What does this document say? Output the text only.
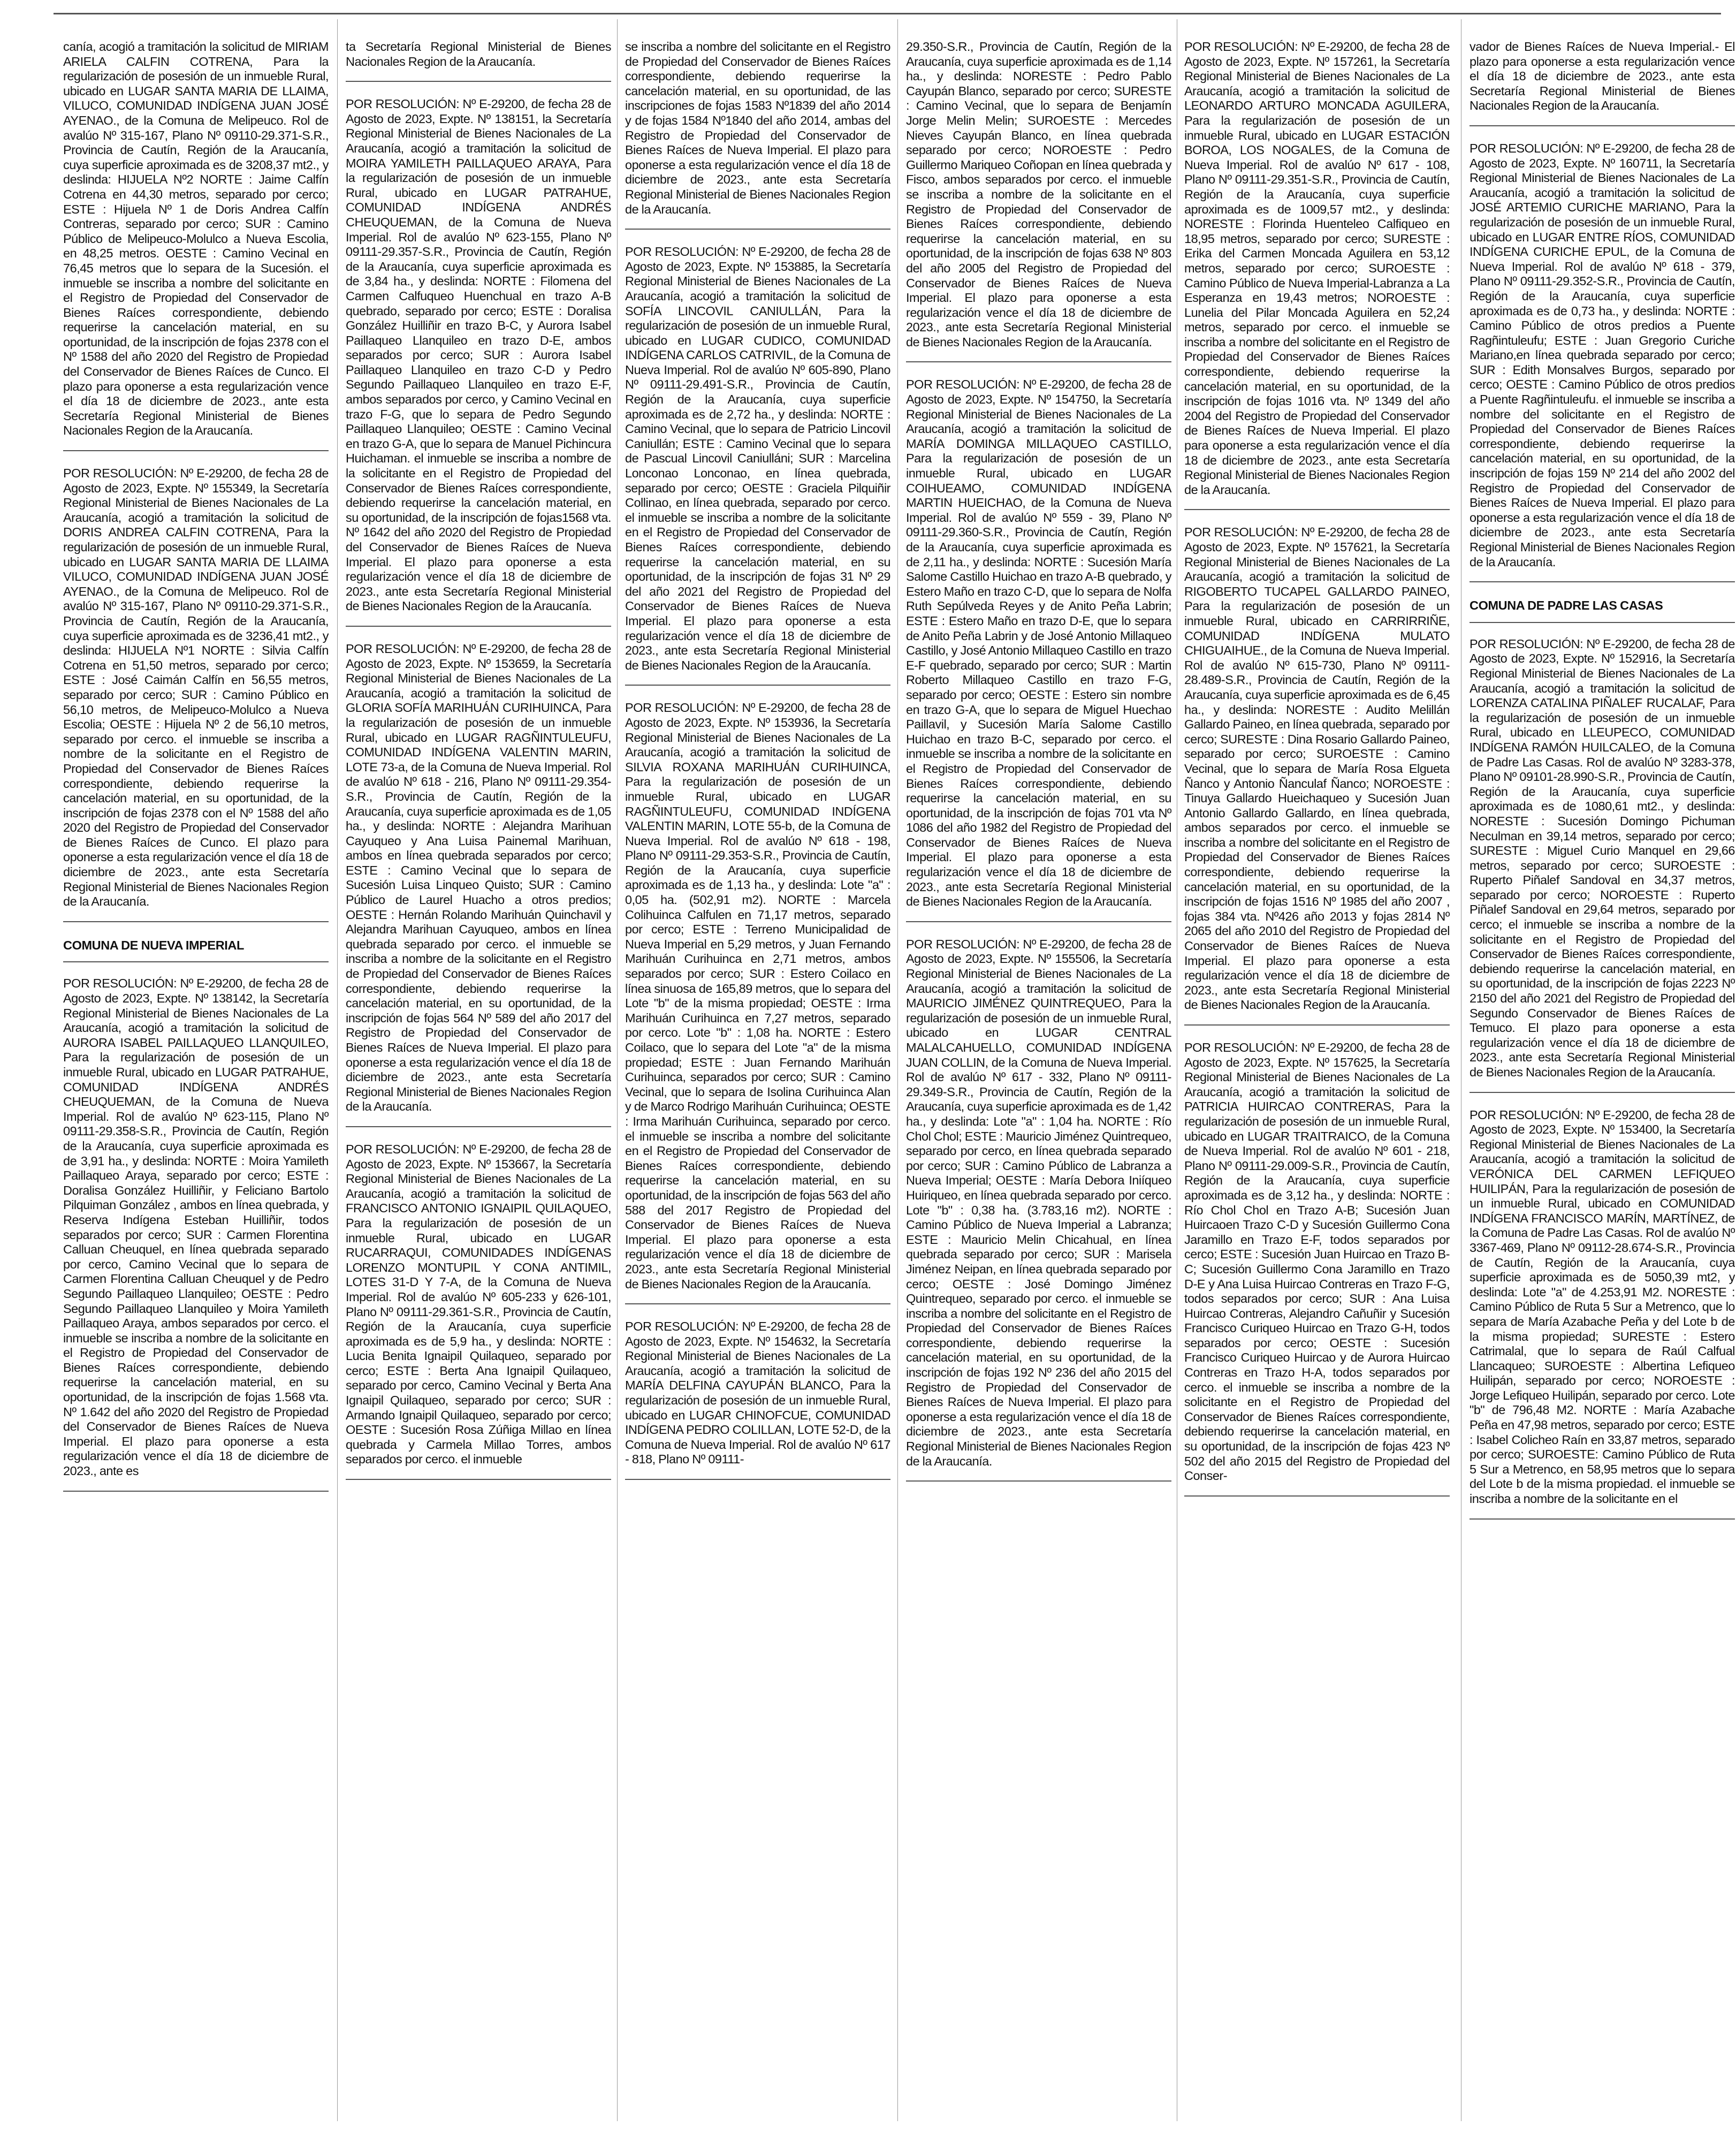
canía, acogió a tramitación la solicitud de MIRIAM ARIELA CALFIN COTRENA, Para la regularización de posesión de un inmueble Rural, ubicado en LUGAR SANTA MARIA DE LLAIMA, VILUCO, COMUNIDAD INDÍGENA JUAN JOSÉ AYENAO., de la Comuna de Melipeuco. Rol de avalúo Nº 315-167, Plano Nº 09110-29.371-S.R., Provincia de Cautín, Región de la Araucanía, cuya superficie aproximada es de 3208,37 mt2., y deslinda: HIJUELA Nº2 NORTE : Jaime Calfín Cotrena en 44,30 metros, separado por cerco; ESTE : Hijuela Nº 1 de Doris Andrea Calfín Contreras, separado por cerco; SUR : Camino Público de Melipeuco-Molulco a Nueva Escolia, en 48,25 metros. OESTE : Camino Vecinal en 76,45 metros que lo separa de la Sucesión. el inmueble se inscriba a nombre del solicitante en el Registro de Propiedad del Conservador de Bienes Raíces correspondiente, debiendo requerirse la cancelación material, en su oportunidad, de la inscripción de fojas 2378 con el Nº 1588 del año 2020 del Registro de Propiedad del Conservador de Bienes Raíces de Cunco. El plazo para oponerse a esta regularización vence el día 18 de diciembre de 2023., ante esta Secretaría Regional Ministerial de Bienes Nacionales Region de la Araucanía.
POR RESOLUCIÓN: Nº E-29200, de fecha 28 de Agosto de 2023, Expte. Nº 155349, la Secretaría Regional Ministerial de Bienes Nacionales de La Araucanía, acogió a tramitación la solicitud de DORIS ANDREA CALFIN COTRENA, Para la regularización de posesión de un inmueble Rural, ubicado en LUGAR SANTA MARIA DE LLAIMA VILUCO, COMUNIDAD INDÍGENA JUAN JOSÉ AYENAO., de la Comuna de Melipeuco. Rol de avalúo Nº 315-167, Plano Nº 09110-29.371-S.R., Provincia de Cautín, Región de la Araucanía, cuya superficie aproximada es de 3236,41 mt2., y deslinda: HIJUELA Nº1 NORTE : Silvia Calfín Cotrena en 51,50 metros, separado por cerco; ESTE : José Caimán Calfín en 56,55 metros, separado por cerco; SUR : Camino Público en 56,10 metros, de Melipeuco-Molulco a Nueva Escolia; OESTE : Hijuela Nº 2 de 56,10 metros, separado por cerco. el inmueble se inscriba a nombre de la solicitante en el Registro de Propiedad del Conservador de Bienes Raíces correspondiente, debiendo requerirse la cancelación material, en su oportunidad, de la inscripción de fojas 2378 con el Nº 1588 del año 2020 del Registro de Propiedad del Conservador de Bienes Raíces de Cunco. El plazo para oponerse a esta regularización vence el día 18 de diciembre de 2023., ante esta Secretaría Regional Ministerial de Bienes Nacionales Region de la Araucanía.
COMUNA DE NUEVA IMPERIAL
POR RESOLUCIÓN: Nº E-29200, de fecha 28 de Agosto de 2023, Expte. Nº 138142, la Secretaría Regional Ministerial de Bienes Nacionales de La Araucanía, acogió a tramitación la solicitud de AURORA ISABEL PAILLAQUEO LLANQUILEO, Para la regularización de posesión de un inmueble Rural, ubicado en LUGAR PATRAHUE, COMUNIDAD INDÍGENA ANDRÉS CHEUQUEMAN, de la Comuna de Nueva Imperial. Rol de avalúo Nº 623-115, Plano Nº 09111-29.358-S.R., Provincia de Cautín, Región de la Araucanía, cuya superficie aproximada es de 3,91 ha., y deslinda: NORTE : Moira Yamileth Paillaqueo Araya, separado por cerco; ESTE : Doralisa González Huilliñir, y Feliciano Bartolo Pilquiman González , ambos en línea quebrada, y Reserva Indígena Esteban Huilliñir, todos separados por cerco; SUR : Carmen Florentina Calluan Cheuquel, en línea quebrada separado por cerco, Camino Vecinal que lo separa de Carmen Florentina Calluan Cheuquel y de Pedro Segundo Paillaqueo Llanquileo; OESTE : Pedro Segundo Paillaqueo Llanquileo y Moira Yamileth Paillaqueo Araya, ambos separados por cerco. el inmueble se inscriba a nombre de la solicitante en el Registro de Propiedad del Conservador de Bienes Raíces correspondiente, debiendo requerirse la cancelación material, en su oportunidad, de la inscripción de fojas 1.568 vta. Nº 1.642 del año 2020 del Registro de Propiedad del Conservador de Bienes Raíces de Nueva Imperial. El plazo para oponerse a esta regularización vence el día 18 de diciembre de 2023., ante es
ta Secretaría Regional Ministerial de Bienes Nacionales Region de la Araucanía.
POR RESOLUCIÓN: Nº E-29200, de fecha 28 de Agosto de 2023, Expte. Nº 138151, la Secretaría Regional Ministerial de Bienes Nacionales de La Araucanía, acogió a tramitación la solicitud de MOIRA YAMILETH PAILLAQUEO ARAYA, Para la regularización de posesión de un inmueble Rural, ubicado en LUGAR PATRAHUE, COMUNIDAD INDÍGENA ANDRÉS CHEUQUEMAN, de la Comuna de Nueva Imperial. Rol de avalúo Nº 623-155, Plano Nº 09111-29.357-S.R., Provincia de Cautín, Región de la Araucanía, cuya superficie aproximada es de 3,84 ha., y deslinda: NORTE : Filomena del Carmen Calfuqueo Huenchual en trazo A-B quebrado, separado por cerco; ESTE : Doralisa González Huilliñir en trazo B-C, y Aurora Isabel Paillaqueo Llanquileo en trazo D-E, ambos separados por cerco; SUR : Aurora Isabel Paillaqueo Llanquileo en trazo C-D y Pedro Segundo Paillaqueo Llanquileo en trazo E-F, ambos separados por cerco, y Camino Vecinal en trazo F-G, que lo separa de Pedro Segundo Paillaqueo Llanquileo; OESTE : Camino Vecinal en trazo G-A, que lo separa de Manuel Pichincura Huichaman. el inmueble se inscriba a nombre de la solicitante en el Registro de Propiedad del Conservador de Bienes Raíces correspondiente, debiendo requerirse la cancelación material, en su oportunidad, de la inscripción de fojas1568 vta. Nº 1642 del año 2020 del Registro de Propiedad del Conservador de Bienes Raíces de Nueva Imperial. El plazo para oponerse a esta regularización vence el día 18 de diciembre de 2023., ante esta Secretaría Regional Ministerial de Bienes Nacionales Region de la Araucanía.
POR RESOLUCIÓN: Nº E-29200, de fecha 28 de Agosto de 2023, Expte. Nº 153659, la Secretaría Regional Ministerial de Bienes Nacionales de La Araucanía, acogió a tramitación la solicitud de GLORIA SOFÍA MARIHUÁN CURIHUINCA, Para la regularización de posesión de un inmueble Rural, ubicado en LUGAR RAGÑINTULEUFU, COMUNIDAD INDÍGENA VALENTIN MARIN, LOTE 73-a, de la Comuna de Nueva Imperial. Rol de avalúo Nº 618 - 216, Plano Nº 09111-29.354-S.R., Provincia de Cautín, Región de la Araucanía, cuya superficie aproximada es de 1,05 ha., y deslinda: NORTE : Alejandra Marihuan Cayuqueo y Ana Luisa Painemal Marihuan, ambos en línea quebrada separados por cerco; ESTE : Camino Vecinal que lo separa de Sucesión Luisa Linqueo Quisto; SUR : Camino Público de Laurel Huacho a otros predios; OESTE : Hernán Rolando Marihuán Quinchavil y Alejandra Marihuan Cayuqueo, ambos en línea quebrada separado por cerco. el inmueble se inscriba a nombre de la solicitante en el Registro de Propiedad del Conservador de Bienes Raíces correspondiente, debiendo requerirse la cancelación material, en su oportunidad, de la inscripción de fojas 564 Nº 589 del año 2017 del Registro de Propiedad del Conservador de Bienes Raíces de Nueva Imperial. El plazo para oponerse a esta regularización vence el día 18 de diciembre de 2023., ante esta Secretaría Regional Ministerial de Bienes Nacionales Region de la Araucanía.
POR RESOLUCIÓN: Nº E-29200, de fecha 28 de Agosto de 2023, Expte. Nº 153667, la Secretaría Regional Ministerial de Bienes Nacionales de La Araucanía, acogió a tramitación la solicitud de FRANCISCO ANTONIO IGNAIPIL QUILAQUEO, Para la regularización de posesión de un inmueble Rural, ubicado en LUGAR RUCARRAQUI, COMUNIDADES INDÍGENAS LORENZO MONTUPIL Y CONA ANTIMIL, LOTES 31-D Y 7-A, de la Comuna de Nueva Imperial. Rol de avalúo Nº 605-233 y 626-101, Plano Nº 09111-29.361-S.R., Provincia de Cautín, Región de la Araucanía, cuya superficie aproximada es de 5,9 ha., y deslinda: NORTE : Lucia Benita Ignaipil Quilaqueo, separado por cerco; ESTE : Berta Ana Ignaipil Quilaqueo, separado por cerco, Camino Vecinal y Berta Ana Ignaipil Quilaqueo, separado por cerco; SUR : Armando Ignaipil Quilaqueo, separado por cerco; OESTE : Sucesión Rosa Zúñiga Millao en línea quebrada y Carmela Millao Torres, ambos separados por cerco. el inmueble
se inscriba a nombre del solicitante en el Registro de Propiedad del Conservador de Bienes Raíces correspondiente, debiendo requerirse la cancelación material, en su oportunidad, de las inscripciones de fojas 1583 Nº1839 del año 2014 y de fojas 1584 Nº1840 del año 2014, ambas del Registro de Propiedad del Conservador de Bienes Raíces de Nueva Imperial. El plazo para oponerse a esta regularización vence el día 18 de diciembre de 2023., ante esta Secretaría Regional Ministerial de Bienes Nacionales Region de la Araucanía.
POR RESOLUCIÓN: Nº E-29200, de fecha 28 de Agosto de 2023, Expte. Nº 153885, la Secretaría Regional Ministerial de Bienes Nacionales de La Araucanía, acogió a tramitación la solicitud de SOFÍA LINCOVIL CANIULLÁN, Para la regularización de posesión de un inmueble Rural, ubicado en LUGAR CUDICO, COMUNIDAD INDÍGENA CARLOS CATRIVIL, de la Comuna de Nueva Imperial. Rol de avalúo Nº 605-890, Plano Nº 09111-29.491-S.R., Provincia de Cautín, Región de la Araucanía, cuya superficie aproximada es de 2,72 ha., y deslinda: NORTE : Camino Vecinal, que lo separa de Patricio Lincovil Caniullán; ESTE : Camino Vecinal que lo separa de Pascual Lincovil Caniulláni; SUR : Marcelina Lonconao Lonconao, en línea quebrada, separado por cerco; OESTE : Graciela Pilquiñir Collinao, en línea quebrada, separado por cerco. el inmueble se inscriba a nombre de la solicitante en el Registro de Propiedad del Conservador de Bienes Raíces correspondiente, debiendo requerirse la cancelación material, en su oportunidad, de la inscripción de fojas 31 Nº 29 del año 2021 del Registro de Propiedad del Conservador de Bienes Raíces de Nueva Imperial. El plazo para oponerse a esta regularización vence el día 18 de diciembre de 2023., ante esta Secretaría Regional Ministerial de Bienes Nacionales Region de la Araucanía.
POR RESOLUCIÓN: Nº E-29200, de fecha 28 de Agosto de 2023, Expte. Nº 153936, la Secretaría Regional Ministerial de Bienes Nacionales de La Araucanía, acogió a tramitación la solicitud de SILVIA ROXANA MARIHUÁN CURIHUINCA, Para la regularización de posesión de un inmueble Rural, ubicado en LUGAR RAGÑINTULEUFU, COMUNIDAD INDÍGENA VALENTIN MARIN, LOTE 55-b, de la Comuna de Nueva Imperial. Rol de avalúo Nº 618 - 198, Plano Nº 09111-29.353-S.R., Provincia de Cautín, Región de la Araucanía, cuya superficie aproximada es de 1,13 ha., y deslinda: Lote "a" : 0,05 ha. (502,91 m2). NORTE : Marcela Colihuinca Calfulen en 71,17 metros, separado por cerco; ESTE : Terreno Municipalidad de Nueva Imperial en 5,29 metros, y Juan Fernando Marihuán Curihuinca en 2,71 metros, ambos separados por cerco; SUR : Estero Coilaco en línea sinuosa de 165,89 metros, que lo separa del Lote "b" de la misma propiedad; OESTE : Irma Marihuán Curihuinca en 7,27 metros, separado por cerco. Lote "b" : 1,08 ha. NORTE : Estero Coilaco, que lo separa del Lote "a" de la misma propiedad; ESTE : Juan Fernando Marihuán Curihuinca, separados por cerco; SUR : Camino Vecinal, que lo separa de Isolina Curihuinca Alan y de Marco Rodrigo Marihuán Curihuinca; OESTE : Irma Marihuán Curihuinca, separado por cerco. el inmueble se inscriba a nombre del solicitante en el Registro de Propiedad del Conservador de Bienes Raíces correspondiente, debiendo requerirse la cancelación material, en su oportunidad, de la inscripción de fojas 563 del año 588 del 2017 Registro de Propiedad del Conservador de Bienes Raíces de Nueva Imperial. El plazo para oponerse a esta regularización vence el día 18 de diciembre de 2023., ante esta Secretaría Regional Ministerial de Bienes Nacionales Region de la Araucanía.
POR RESOLUCIÓN: Nº E-29200, de fecha 28 de Agosto de 2023, Expte. Nº 154632, la Secretaría Regional Ministerial de Bienes Nacionales de La Araucanía, acogió a tramitación la solicitud de MARÍA DELFINA CAYUPÁN BLANCO, Para la regularización de posesión de un inmueble Rural, ubicado en LUGAR CHINOFCUE, COMUNIDAD INDÍGENA PEDRO COLILLAN, LOTE 52-D, de la Comuna de Nueva Imperial. Rol de avalúo Nº 617 - 818, Plano Nº 09111-
29.350-S.R., Provincia de Cautín, Región de la Araucanía, cuya superficie aproximada es de 1,14 ha., y deslinda: NORESTE : Pedro Pablo Cayupán Blanco, separado por cerco; SURESTE : Camino Vecinal, que lo separa de Benjamín Jorge Melin Melin; SUROESTE : Mercedes Nieves Cayupán Blanco, en línea quebrada separado por cerco; NOROESTE : Pedro Guillermo Mariqueo Coñopan en línea quebrada y Fisco, ambos separados por cerco. el inmueble se inscriba a nombre de la solicitante en el Registro de Propiedad del Conservador de Bienes Raíces correspondiente, debiendo requerirse la cancelación material, en su oportunidad, de la inscripción de fojas 638 Nº 803 del año 2005 del Registro de Propiedad del Conservador de Bienes Raíces de Nueva Imperial. El plazo para oponerse a esta regularización vence el día 18 de diciembre de 2023., ante esta Secretaría Regional Ministerial de Bienes Nacionales Region de la Araucanía.
POR RESOLUCIÓN: Nº E-29200, de fecha 28 de Agosto de 2023, Expte. Nº 154750, la Secretaría Regional Ministerial de Bienes Nacionales de La Araucanía, acogió a tramitación la solicitud de MARÍA DOMINGA MILLAQUEO CASTILLO, Para la regularización de posesión de un inmueble Rural, ubicado en LUGAR COIHUEAMO, COMUNIDAD INDÍGENA MARTIN HUEICHAO, de la Comuna de Nueva Imperial. Rol de avalúo Nº 559 - 39, Plano Nº 09111-29.360-S.R., Provincia de Cautín, Región de la Araucanía, cuya superficie aproximada es de 2,11 ha., y deslinda: NORTE : Sucesión María Salome Castillo Huichao en trazo A-B quebrado, y Estero Maño en trazo C-D, que lo separa de Nolfa Ruth Sepúlveda Reyes y de Anito Peña Labrin; ESTE : Estero Maño en trazo D-E, que lo separa de Anito Peña Labrin y de José Antonio Millaqueo Castillo, y José Antonio Millaqueo Castillo en trazo E-F quebrado, separado por cerco; SUR : Martin Roberto Millaqueo Castillo en trazo F-G, separado por cerco; OESTE : Estero sin nombre en trazo G-A, que lo separa de Miguel Huechao Paillavil, y Sucesión María Salome Castillo Huichao en trazo B-C, separado por cerco. el inmueble se inscriba a nombre de la solicitante en el Registro de Propiedad del Conservador de Bienes Raíces correspondiente, debiendo requerirse la cancelación material, en su oportunidad, de la inscripción de fojas 701 vta Nº 1086 del año 1982 del Registro de Propiedad del Conservador de Bienes Raíces de Nueva Imperial. El plazo para oponerse a esta regularización vence el día 18 de diciembre de 2023., ante esta Secretaría Regional Ministerial de Bienes Nacionales Region de la Araucanía.
POR RESOLUCIÓN: Nº E-29200, de fecha 28 de Agosto de 2023, Expte. Nº 155506, la Secretaría Regional Ministerial de Bienes Nacionales de La Araucanía, acogió a tramitación la solicitud de MAURICIO JIMÉNEZ QUINTREQUEO, Para la regularización de posesión de un inmueble Rural, ubicado en LUGAR CENTRAL MALALCAHUELLO, COMUNIDAD INDÍGENA JUAN COLLIN, de la Comuna de Nueva Imperial. Rol de avalúo Nº 617 - 332, Plano Nº 09111-29.349-S.R., Provincia de Cautín, Región de la Araucanía, cuya superficie aproximada es de 1,42 ha., y deslinda: Lote "a" : 1,04 ha. NORTE : Río Chol Chol; ESTE : Mauricio Jiménez Quintrequeo, separado por cerco, en línea quebrada separado por cerco; SUR : Camino Público de Labranza a Nueva Imperial; OESTE : María Debora Iniíqueo Huiriqueo, en línea quebrada separado por cerco. Lote "b" : 0,38 ha. (3.783,16 m2). NORTE : Camino Público de Nueva Imperial a Labranza; ESTE : Mauricio Melin Chicahual, en línea quebrada separado por cerco; SUR : Marisela Jiménez Neipan, en línea quebrada separado por cerco; OESTE : José Domingo Jiménez Quintrequeo, separado por cerco. el inmueble se inscriba a nombre del solicitante en el Registro de Propiedad del Conservador de Bienes Raíces correspondiente, debiendo requerirse la cancelación material, en su oportunidad, de la inscripción de fojas 192 Nº 236 del año 2015 del Registro de Propiedad del Conservador de Bienes Raíces de Nueva Imperial. El plazo para oponerse a esta regularización vence el día 18 de diciembre de 2023., ante esta Secretaría Regional Ministerial de Bienes Nacionales Region de la Araucanía.
POR RESOLUCIÓN: Nº E-29200, de fecha 28 de Agosto de 2023, Expte. Nº 157261, la Secretaría Regional Ministerial de Bienes Nacionales de La Araucanía, acogió a tramitación la solicitud de LEONARDO ARTURO MONCADA AGUILERA, Para la regularización de posesión de un inmueble Rural, ubicado en LUGAR ESTACIÓN BOROA, LOS NOGALES, de la Comuna de Nueva Imperial. Rol de avalúo Nº 617 - 108, Plano Nº 09111-29.351-S.R., Provincia de Cautín, Región de la Araucanía, cuya superficie aproximada es de 1009,57 mt2., y deslinda: NORESTE : Florinda Huenteleo Calfiqueo en 18,95 metros, separado por cerco; SURESTE : Erika del Carmen Moncada Aguilera en 53,12 metros, separado por cerco; SUROESTE : Camino Público de Nueva Imperial-Labranza a La Esperanza en 19,43 metros; NOROESTE : Lunelia del Pilar Moncada Aguilera en 52,24 metros, separado por cerco. el inmueble se inscriba a nombre del solicitante en el Registro de Propiedad del Conservador de Bienes Raíces correspondiente, debiendo requerirse la cancelación material, en su oportunidad, de la inscripción de fojas 1016 vta. Nº 1349 del año 2004 del Registro de Propiedad del Conservador de Bienes Raíces de Nueva Imperial. El plazo para oponerse a esta regularización vence el día 18 de diciembre de 2023., ante esta Secretaría Regional Ministerial de Bienes Nacionales Region de la Araucanía.
POR RESOLUCIÓN: Nº E-29200, de fecha 28 de Agosto de 2023, Expte. Nº 157621, la Secretaría Regional Ministerial de Bienes Nacionales de La Araucanía, acogió a tramitación la solicitud de RIGOBERTO TUCAPEL GALLARDO PAINEO, Para la regularización de posesión de un inmueble Rural, ubicado en CARRIRRIÑE, COMUNIDAD INDÍGENA MULATO CHIGUAIHUE., de la Comuna de Nueva Imperial. Rol de avalúo Nº 615-730, Plano Nº 09111-28.489-S.R., Provincia de Cautín, Región de la Araucanía, cuya superficie aproximada es de 6,45 ha., y deslinda: NORESTE : Audito Melillán Gallardo Paineo, en línea quebrada, separado por cerco; SURESTE : Dina Rosario Gallardo Paineo, separado por cerco; SUROESTE : Camino Vecinal, que lo separa de María Rosa Elgueta Ñanco y Antonio Ñanculaf Ñanco; NOROESTE : Tinuya Gallardo Hueichaqueo y Sucesión Juan Antonio Gallardo Gallardo, en línea quebrada, ambos separados por cerco. el inmueble se inscriba a nombre del solicitante en el Registro de Propiedad del Conservador de Bienes Raíces correspondiente, debiendo requerirse la cancelación material, en su oportunidad, de la inscripción de fojas 1516 Nº 1985 del año 2007 , fojas 384 vta. Nº426 año 2013 y fojas 2814 Nº 2065 del año 2010 del Registro de Propiedad del Conservador de Bienes Raíces de Nueva Imperial. El plazo para oponerse a esta regularización vence el día 18 de diciembre de 2023., ante esta Secretaría Regional Ministerial de Bienes Nacionales Region de la Araucanía.
POR RESOLUCIÓN: Nº E-29200, de fecha 28 de Agosto de 2023, Expte. Nº 157625, la Secretaría Regional Ministerial de Bienes Nacionales de La Araucanía, acogió a tramitación la solicitud de PATRICIA HUIRCAO CONTRERAS, Para la regularización de posesión de un inmueble Rural, ubicado en LUGAR TRAITRAICO, de la Comuna de Nueva Imperial. Rol de avalúo Nº 601 - 218, Plano Nº 09111-29.009-S.R., Provincia de Cautín, Región de la Araucanía, cuya superficie aproximada es de 3,12 ha., y deslinda: NORTE : Río Chol Chol en Trazo A-B; Sucesión Juan Huircaoen Trazo C-D y Sucesión Guillermo Cona Jaramillo en Trazo E-F, todos separados por cerco; ESTE : Sucesión Juan Huircao en Trazo B-C; Sucesión Guillermo Cona Jaramillo en Trazo D-E y Ana Luisa Huircao Contreras en Trazo F-G, todos separados por cerco; SUR : Ana Luisa Huircao Contreras, Alejandro Cañuñir y Sucesión Francisco Curiqueo Huircao en Trazo G-H, todos separados por cerco; OESTE : Sucesión Francisco Curiqueo Huircao y de Aurora Huircao Contreras en Trazo H-A, todos separados por cerco. el inmueble se inscriba a nombre de la solicitante en el Registro de Propiedad del Conservador de Bienes Raíces correspondiente, debiendo requerirse la cancelación material, en su oportunidad, de la inscripción de fojas 423 Nº 502 del año 2015 del Registro de Propiedad del Conser-
vador de Bienes Raíces de Nueva Imperial.- El plazo para oponerse a esta regularización vence el día 18 de diciembre de 2023., ante esta Secretaría Regional Ministerial de Bienes Nacionales Region de la Araucanía.
POR RESOLUCIÓN: Nº E-29200, de fecha 28 de Agosto de 2023, Expte. Nº 160711, la Secretaría Regional Ministerial de Bienes Nacionales de La Araucanía, acogió a tramitación la solicitud de JOSÉ ARTEMIO CURICHE MARIANO, Para la regularización de posesión de un inmueble Rural, ubicado en LUGAR ENTRE RÍOS, COMUNIDAD INDÍGENA CURICHE EPUL, de la Comuna de Nueva Imperial. Rol de avalúo Nº 618 - 379, Plano Nº 09111-29.352-S.R., Provincia de Cautín, Región de la Araucanía, cuya superficie aproximada es de 0,73 ha., y deslinda: NORTE : Camino Público de otros predios a Puente Ragñintuleufu; ESTE : Juan Gregorio Curiche Mariano,en línea quebrada separado por cerco; SUR : Edith Monsalves Burgos, separado por cerco; OESTE : Camino Público de otros predios a Puente Ragñintuleufu. el inmueble se inscriba a nombre del solicitante en el Registro de Propiedad del Conservador de Bienes Raíces correspondiente, debiendo requerirse la cancelación material, en su oportunidad, de la inscripción de fojas 159 Nº 214 del año 2002 del Registro de Propiedad del Conservador de Bienes Raíces de Nueva Imperial. El plazo para oponerse a esta regularización vence el día 18 de diciembre de 2023., ante esta Secretaría Regional Ministerial de Bienes Nacionales Region de la Araucanía.
COMUNA DE PADRE LAS CASAS
POR RESOLUCIÓN: Nº E-29200, de fecha 28 de Agosto de 2023, Expte. Nº 152916, la Secretaría Regional Ministerial de Bienes Nacionales de La Araucanía, acogió a tramitación la solicitud de LORENZA CATALINA PIÑALEF RUCALAF, Para la regularización de posesión de un inmueble Rural, ubicado en LLEUPECO, COMUNIDAD INDÍGENA RAMÓN HUILCALEO, de la Comuna de Padre Las Casas. Rol de avalúo Nº 3283-378, Plano Nº 09101-28.990-S.R., Provincia de Cautín, Región de la Araucanía, cuya superficie aproximada es de 1080,61 mt2., y deslinda: NORESTE : Sucesión Domingo Pichuman Neculman en 39,14 metros, separado por cerco; SURESTE : Miguel Curio Manquel en 29,66 metros, separado por cerco; SUROESTE : Ruperto Piñalef Sandoval en 34,37 metros, separado por cerco; NOROESTE : Ruperto Piñalef Sandoval en 29,64 metros, separado por cerco; el inmueble se inscriba a nombre de la solicitante en el Registro de Propiedad del Conservador de Bienes Raíces correspondiente, debiendo requerirse la cancelación material, en su oportunidad, de la inscripción de fojas 2223 Nº 2150 del año 2021 del Registro de Propiedad del Segundo Conservador de Bienes Raíces de Temuco. El plazo para oponerse a esta regularización vence el día 18 de diciembre de 2023., ante esta Secretaría Regional Ministerial de Bienes Nacionales Region de la Araucanía.
POR RESOLUCIÓN: Nº E-29200, de fecha 28 de Agosto de 2023, Expte. Nº 153400, la Secretaría Regional Ministerial de Bienes Nacionales de La Araucanía, acogió a tramitación la solicitud de VERÓNICA DEL CARMEN LEFIQUEO HUILIPÁN, Para la regularización de posesión de un inmueble Rural, ubicado en COMUNIDAD INDÍGENA FRANCISCO MARÍN, MARTÍNEZ, de la Comuna de Padre Las Casas. Rol de avalúo Nº 3367-469, Plano Nº 09112-28.674-S.R., Provincia de Cautín, Región de la Araucanía, cuya superficie aproximada es de 5050,39 mt2, y deslinda: Lote "a" de 4.253,91 M2. NORESTE : Camino Público de Ruta 5 Sur a Metrenco, que lo separa de María Azabache Peña y del Lote b de la misma propiedad; SURESTE : Estero Catrimalal, que lo separa de Raúl Calfual Llancaqueo; SUROESTE : Albertina Lefiqueo Huilipán, separado por cerco; NOROESTE : Jorge Lefiqueo Huilipán, separado por cerco. Lote "b" de 796,48 M2. NORTE : María Azabache Peña en 47,98 metros, separado por cerco; ESTE : Isabel Colicheo Raín en 33,87 metros, separado por cerco; SUROESTE: Camino Público de Ruta 5 Sur a Metrenco, en 58,95 metros que lo separa del Lote b de la misma propiedad. el inmueble se inscriba a nombre de la solicitante en el
